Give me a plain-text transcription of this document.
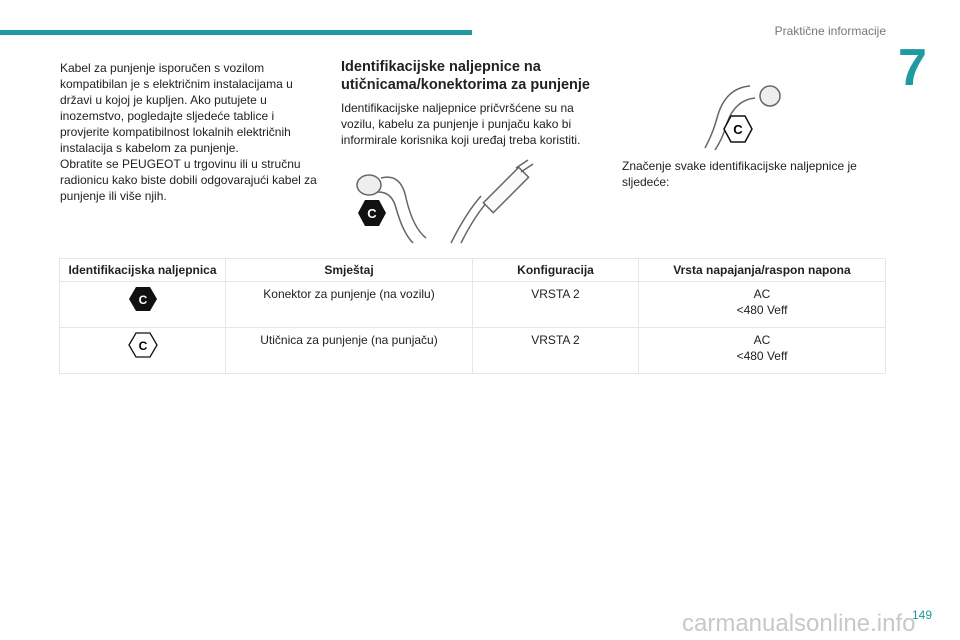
Praktične informacije
7
Kabel za punjenje isporučen s vozilom kompatibilan je s električnim instalacijama u državi u kojoj je kupljen. Ako putujete u inozemstvo, pogledajte sljedeće tablice i provjerite kompatibilnost lokalnih električnih instalacija s kabelom za punjenje.
Obratite se PEUGEOT u trgovinu ili u stručnu radionicu kako biste dobili odgovarajući kabel za punjenje ili više njih.
Identifikacijske naljepnice na utičnicama/konektorima za punjenje
Identifikacijske naljepnice pričvršćene su na vozilu, kabelu za punjenje i punjaču kako bi informirale korisnika koji uređaj treba koristiti.
C
C
Značenje svake identifikacijske naljepnice je sljedeće:
Identifikacijska naljepnica	Smještaj	Konfiguracija	Vrsta napajanja/raspon napona

C	Konektor za punjenje (na vozilu)	VRSTA 2	AC
<480 Veff

C	Utičnica za punjenje (na punjaču)	VRSTA 2	AC
<480 Veff
carmanualsonline.info
149
